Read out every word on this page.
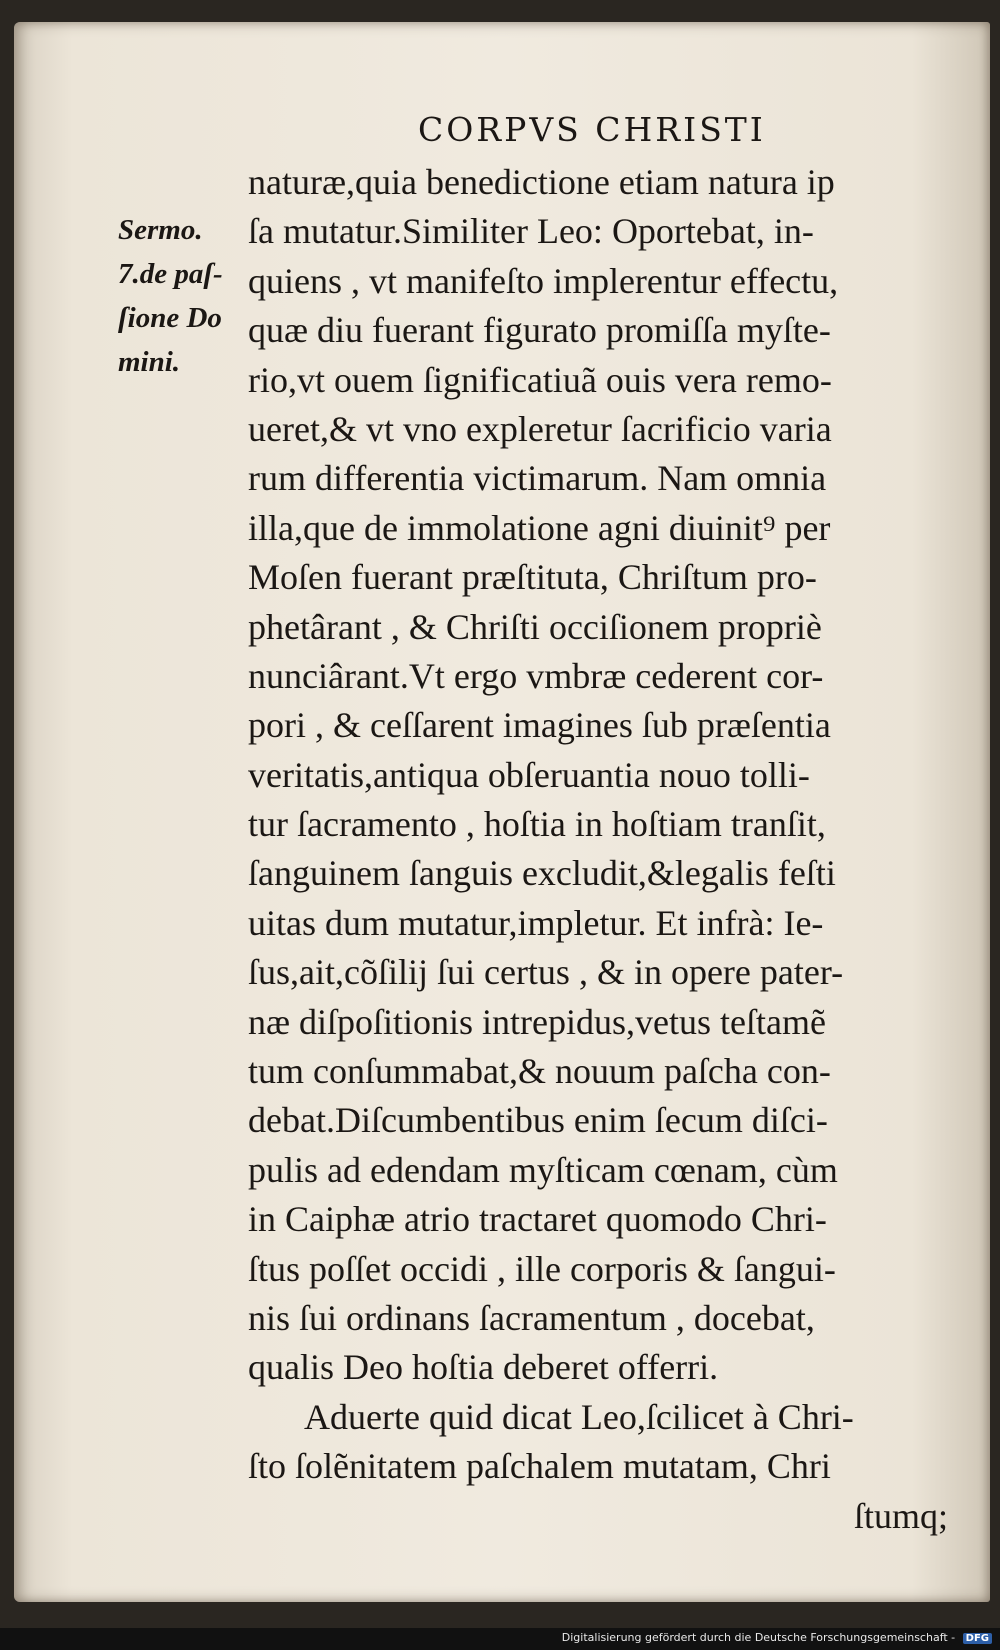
CORPVS CHRISTI
Sermo.
7.de paſ-
ſione Do
mini.
naturæ,quia benedictione etiam natura ip
ſa mutatur.Similiter Leo: Oportebat, in-
quiens , vt manifeſto implerentur effectu,
quæ diu fuerant figurato promiſſa myſte-
rio,vt ouem ſignificatiuã ouis vera remo-
ueret,& vt vno expleretur ſacrificio varia
rum differentia victimarum. Nam omnia
illa,que de immolatione agni diuinit⁹ per
Moſen fuerant præſtituta, Chriſtum pro-
phetârant , & Chriſti occiſionem propriè
nunciârant.Vt ergo vmbræ cederent cor-
pori , & ceſſarent imagines ſub præſentia
veritatis,antiqua obſeruantia nouo tolli-
tur ſacramento , hoſtia in hoſtiam tranſit,
ſanguinem ſanguis excludit,&legalis feſti
uitas dum mutatur,impletur. Et infrà: Ie-
ſus,ait,cõſilij ſui certus , & in opere pater-
næ diſpoſitionis intrepidus,vetus teſtamẽ
tum conſummabat,& nouum paſcha con-
debat.Diſcumbentibus enim ſecum diſci-
pulis ad edendam myſticam cœnam, cùm
in Caiphæ atrio tractaret quomodo Chri-
ſtus poſſet occidi , ille corporis & ſangui-
nis ſui ordinans ſacramentum , docebat,
qualis Deo hoſtia deberet offerri.
Aduerte quid dicat Leo,ſcilicet à Chri-
ſto ſolẽnitatem paſchalem mutatam, Chri
ſtumq;
Digitalisierung gefördert durch die Deutsche Forschungsgemeinschaft - DFG
